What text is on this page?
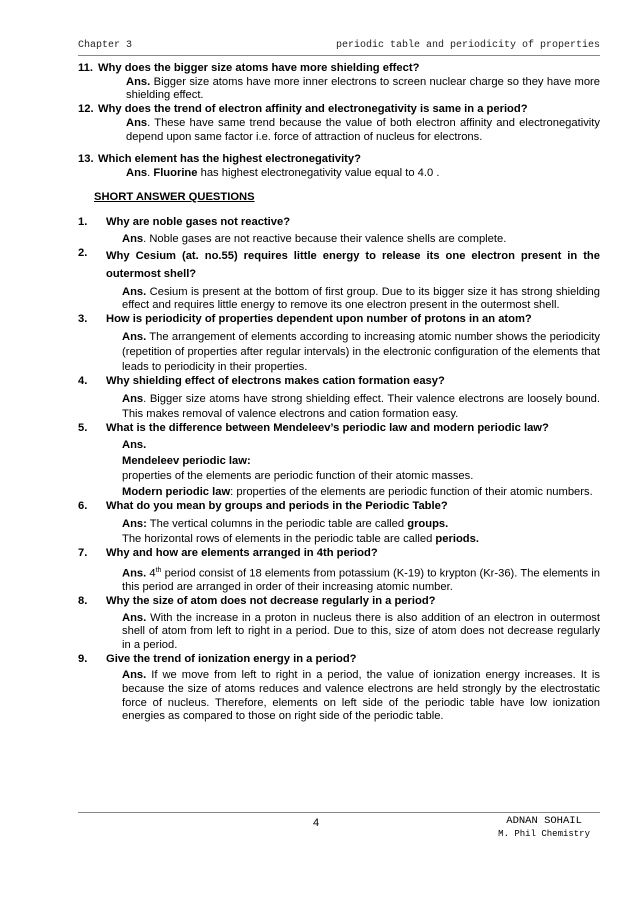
Chapter 3	periodic table and periodicity of properties
11. Why does the bigger size atoms have more shielding effect?
Ans. Bigger size atoms have more inner electrons to screen nuclear charge so they have more shielding effect.
12. Why does the trend of electron affinity and electronegativity is same in a period?
Ans. These have same trend because the value of both electron affinity and electronegativity depend upon same factor i.e. force of attraction of nucleus for electrons.
13. Which element has the highest electronegativity?
Ans. Fluorine has highest electronegativity value equal to 4.0 .
SHORT ANSWER QUESTIONS
1.	Why are noble gases not reactive?
Ans. Noble gases are not reactive because their valence shells are complete.
2.	Why Cesium (at. no.55) requires little energy to release its one electron present in the outermost shell?
Ans. Cesium is present at the bottom of first group. Due to its bigger size it has strong shielding effect and requires little energy to remove its one electron present in the outermost shell.
3.	How is periodicity of properties dependent upon number of protons in an atom?
Ans. The arrangement of elements according to increasing atomic number shows the periodicity (repetition of properties after regular intervals) in the electronic configuration of the elements that leads to periodicity in their properties.
4.	Why shielding effect of electrons makes cation formation easy?
Ans. Bigger size atoms have strong shielding effect. Their valence electrons are loosely bound. This makes removal of valence electrons and cation formation easy.
5.	What is the difference between Mendeleev’s periodic law and modern periodic law?
Ans.
Mendeleev periodic law:
properties of the elements are periodic function of their atomic masses.
Modern periodic law: properties of the elements are periodic function of their atomic numbers.
6.	What do you mean by groups and periods in the Periodic Table?
Ans: The vertical columns in the periodic table are called groups.
The horizontal rows of elements in the periodic table are called periods.
7.	Why and how are elements arranged in 4th period?
Ans. 4th period consist of 18 elements from potassium (K-19) to krypton (Kr-36). The elements in this period are arranged in order of their increasing atomic number.
8.	Why the size of atom does not decrease regularly in a period?
Ans. With the increase in a proton in nucleus there is also addition of an electron in outermost shell of atom from left to right in a period. Due to this, size of atom does not decrease regularly in a period.
9.	Give the trend of ionization energy in a period?
Ans. If we move from left to right in a period, the value of ionization energy increases. It is because the size of atoms reduces and valence electrons are held strongly by the electrostatic force of nucleus. Therefore, elements on left side of the periodic table have low ionization energies as compared to those on right side of the periodic table.
4	ADNAN SOHAIL
M. Phil Chemistry
